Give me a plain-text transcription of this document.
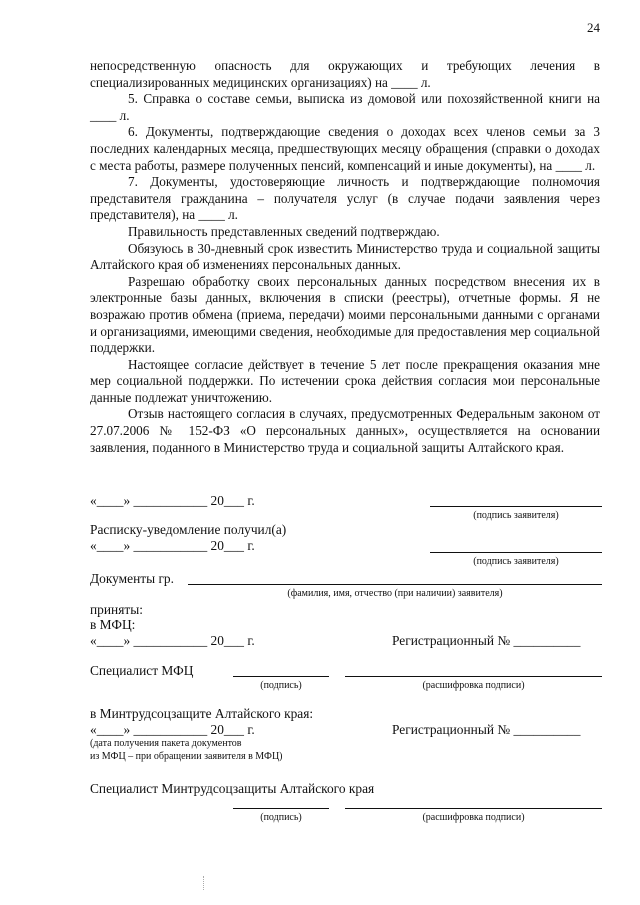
24

непосредственную опасность для окружающих и требующих лечения в специализированных медицинских организациях) на ____ л.

5. Справка о составе семьи, выписка из домовой или похозяйственной книги на ____ л.

6. Документы, подтверждающие сведения о доходах всех членов семьи за 3 последних календарных месяца, предшествующих месяцу обращения (справки о доходах с места работы, размере полученных пенсий, компенсаций и иные документы), на ____ л.

7. Документы, удостоверяющие личность и подтверждающие полномочия представителя гражданина – получателя услуг (в случае подачи заявления через представителя), на ____ л.

Правильность представленных сведений подтверждаю.

Обязуюсь в 30-дневный срок известить Министерство труда и социальной защиты Алтайского края об изменениях персональных данных.

Разрешаю обработку своих персональных данных посредством внесения их в электронные базы данных, включения в списки (реестры), отчетные формы. Я не возражаю против обмена (приема, передачи) моими персональными данными с органами и организациями, имеющими сведения, необходимые для предоставления мер социальной поддержки.

Настоящее согласие действует в течение 5 лет после прекращения оказания мне мер социальной поддержки. По истечении срока действия согласия мои персональные данные подлежат уничтожению.

Отзыв настоящего согласия в случаях, предусмотренных Федеральным законом от 27.07.2006 № 152-ФЗ «О персональных данных», осуществляется на основании заявления, поданного в Министерство труда и социальной защиты Алтайского края.

«____» ___________ 20___ г.
(подпись заявителя)
Расписку-уведомление получил(а)
«____» ___________ 20___ г.
(подпись заявителя)
Документы гр.
(фамилия, имя, отчество (при наличии) заявителя)
приняты:
в МФЦ:
«____» ___________ 20___ г.	Регистрационный № __________
Специалист МФЦ
(подпись)	(расшифровка подписи)
в Минтрудсоцзащите Алтайского края:
«____» ___________ 20___ г.	Регистрационный № __________
(дата получения пакета документов
из МФЦ – при обращении заявителя в МФЦ)
Специалист Минтрудсоцзащиты Алтайского края
(подпись)	(расшифровка подписи)
